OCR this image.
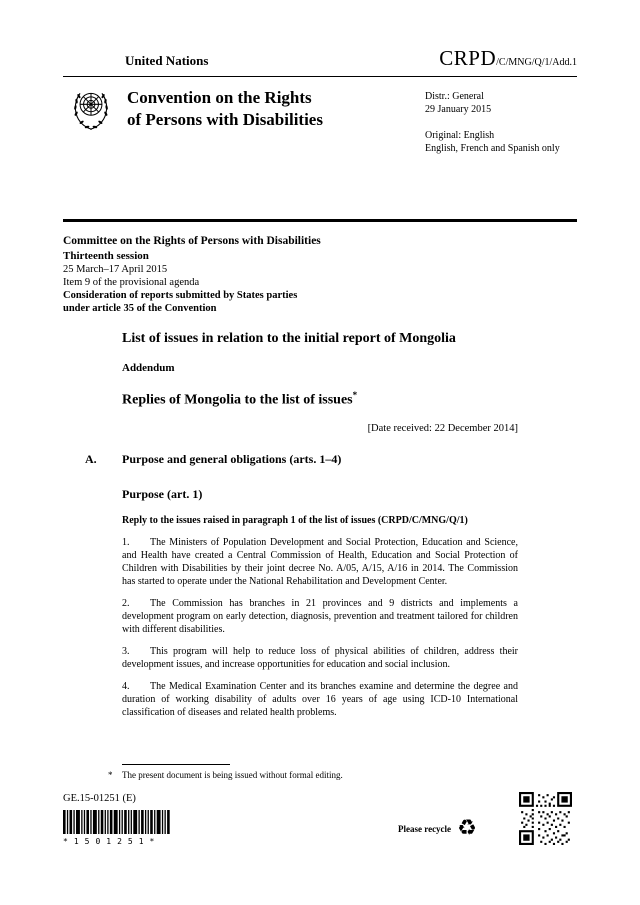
United Nations	CRPD/C/MNG/Q/1/Add.1
Convention on the Rights
of Persons with Disabilities
Distr.: General
29 January 2015
Original: English
English, French and Spanish only
Committee on the Rights of Persons with Disabilities
Thirteenth session
25 March–17 April 2015
Item 9 of the provisional agenda
Consideration of reports submitted by States parties
under article 35 of the Convention
List of issues in relation to the initial report of Mongolia
Addendum
Replies of Mongolia to the list of issues*
[Date received: 22 December 2014]
A. Purpose and general obligations (arts. 1–4)
Purpose (art. 1)
Reply to the issues raised in paragraph 1 of the list of issues (CRPD/C/MNG/Q/1)

1. The Ministers of Population Development and Social Protection, Education and Science, and Health have created a Central Commission of Health, Education and Social Protection of Children with Disabilities by their joint decree No. A/05, A/15, A/16 in 2014. The Commission has started to operate under the National Rehabilitation and Development Center.

2. The Commission has branches in 21 provinces and 9 districts and implements a development program on early detection, diagnosis, prevention and treatment tailored for children with different disabilities.

3. This program will help to reduce loss of physical abilities of children, address their development issues, and increase opportunities for education and social inclusion.

4. The Medical Examination Center and its branches examine and determine the degree and duration of working disability of adults over 16 years of age using ICD-10 International classification of diseases and related health problems.

*	The present document is being issued without formal editing.
GE.15-01251 (E)
*1501251*
Please recycle ♻
